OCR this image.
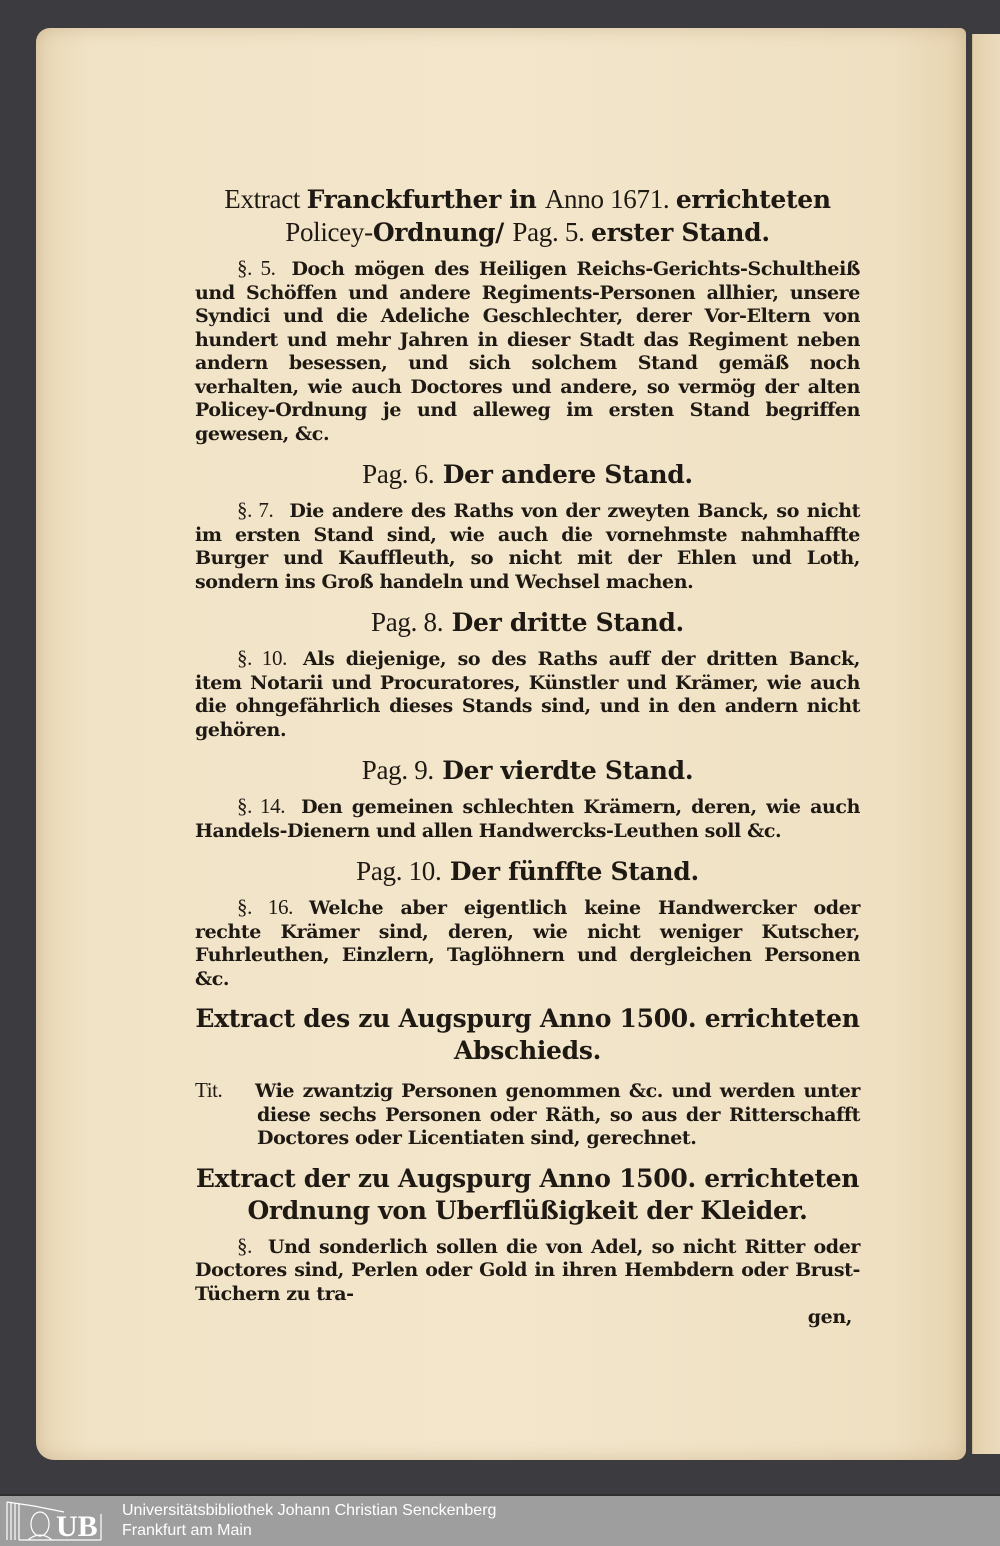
Extract Franckfurther in Anno 1671. errichteten
Policey-Ordnung/ Pag. 5. erster Stand.

§. 5. Doch mögen des Heiligen Reichs-Gerichts-Schultheiß und Schöffen und andere Regiments-Personen allhier, unsere Syndici und die Adeliche Geschlechter, derer Vor-Eltern von hundert und mehr Jahren in dieser Stadt das Regiment neben andern besessen, und sich solchem Stand gemäß noch verhalten, wie auch Doctores und andere, so vermög der alten Policey-Ordnung je und alleweg im ersten Stand begriffen gewesen, &c.

Pag. 6. Der andere Stand.

§. 7. Die andere des Raths von der zweyten Banck, so nicht im ersten Stand sind, wie auch die vornehmste nahmhaffte Burger und Kauffleuth, so nicht mit der Ehlen und Loth, sondern ins Groß handeln und Wechsel machen.

Pag. 8. Der dritte Stand.

§. 10. Als diejenige, so des Raths auff der dritten Banck, item Notarii und Procuratores, Künstler und Krämer, wie auch die ohngefährlich dieses Stands sind, und in den andern nicht gehören.

Pag. 9. Der vierdte Stand.

§. 14. Den gemeinen schlechten Krämern, deren, wie auch Handels-Dienern und allen Handwercks-Leuthen soll &c.

Pag. 10. Der fünffte Stand.

§. 16. Welche aber eigentlich keine Handwercker oder rechte Krämer sind, deren, wie nicht weniger Kutscher, Fuhrleuthen, Einzlern, Taglöhnern und dergleichen Personen &c.

Extract des zu Augspurg Anno 1500. errichteten
Abschieds.

Tit. Wie zwantzig Personen genommen &c. und werden unter diese sechs Personen oder Räth, so aus der Ritterschafft Doctores oder Licentiaten sind, gerechnet.

Extract der zu Augspurg Anno 1500. errichteten
Ordnung von Uberflüßigkeit der Kleider.

§. Und sonderlich sollen die von Adel, so nicht Ritter oder Doctores sind, Perlen oder Gold in ihren Hembdern oder Brust-Tüchern zu tra-

gen,

UB Universitätsbibliothek Johann Christian Senckenberg
Frankfurt am Main
